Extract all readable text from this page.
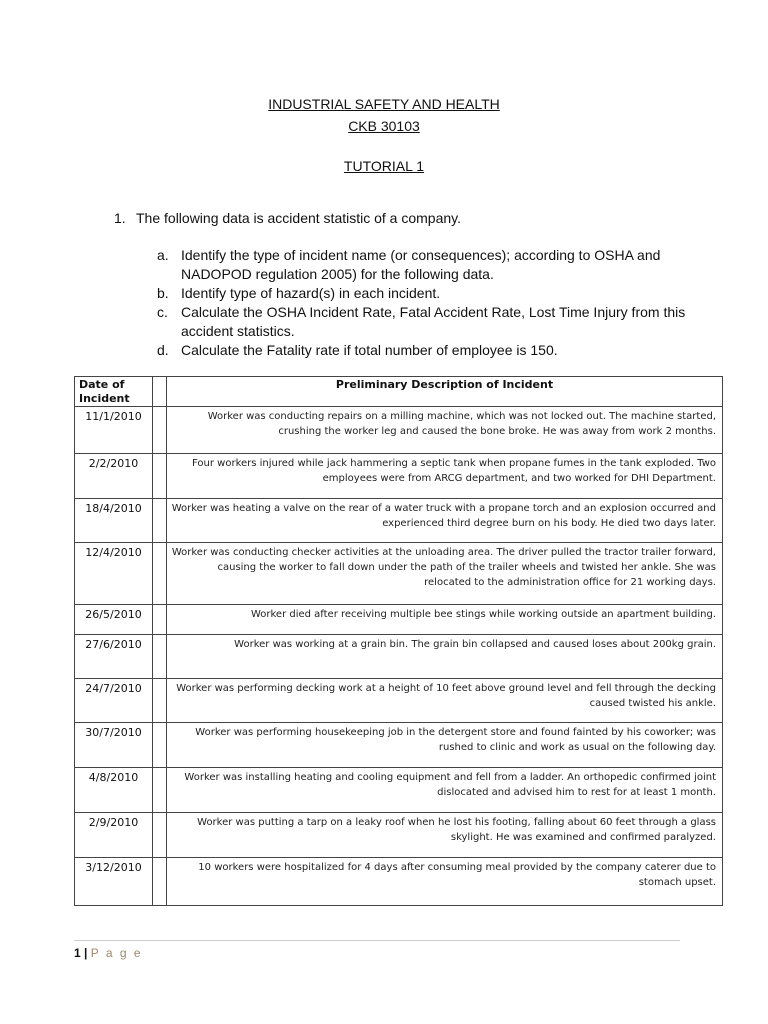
INDUSTRIAL SAFETY AND HEALTH
CKB 30103
TUTORIAL 1
1. The following data is accident statistic of a company.
a. Identify the type of incident name (or consequences); according to OSHA and NADOPOD regulation 2005) for the following data.
b. Identify type of hazard(s) in each incident.
c. Calculate the OSHA Incident Rate, Fatal Accident Rate, Lost Time Injury from this accident statistics.
d. Calculate the Fatality rate if total number of employee is 150.
Date of Incident		Preliminary Description of Incident
11/1/2010		Worker was conducting repairs on a milling machine, which was not locked out. The machine started, crushing the worker leg and caused the bone broke. He was away from work 2 months.
2/2/2010		Four workers injured while jack hammering a septic tank when propane fumes in the tank exploded. Two employees were from ARCG department, and two worked for DHI Department.
18/4/2010		Worker was heating a valve on the rear of a water truck with a propane torch and an explosion occurred and experienced third degree burn on his body. He died two days later.
12/4/2010		Worker was conducting checker activities at the unloading area. The driver pulled the tractor trailer forward, causing the worker to fall down under the path of the trailer wheels and twisted her ankle. She was relocated to the administration office for 21 working days.
26/5/2010		Worker died after receiving multiple bee stings while working outside an apartment building.
27/6/2010		Worker was working at a grain bin. The grain bin collapsed and caused loses about 200kg grain.
24/7/2010		Worker was performing decking work at a height of 10 feet above ground level and fell through the decking caused twisted his ankle.
30/7/2010		Worker was performing housekeeping job in the detergent store and found fainted by his coworker; was rushed to clinic and work as usual on the following day.
4/8/2010		Worker was installing heating and cooling equipment and fell from a ladder. An orthopedic confirmed joint dislocated and advised him to rest for at least 1 month.
2/9/2010		Worker was putting a tarp on a leaky roof when he lost his footing, falling about 60 feet through a glass skylight. He was examined and confirmed paralyzed.
3/12/2010		10 workers were hospitalized for 4 days after consuming meal provided by the company caterer due to stomach upset.
1 | P a g e
